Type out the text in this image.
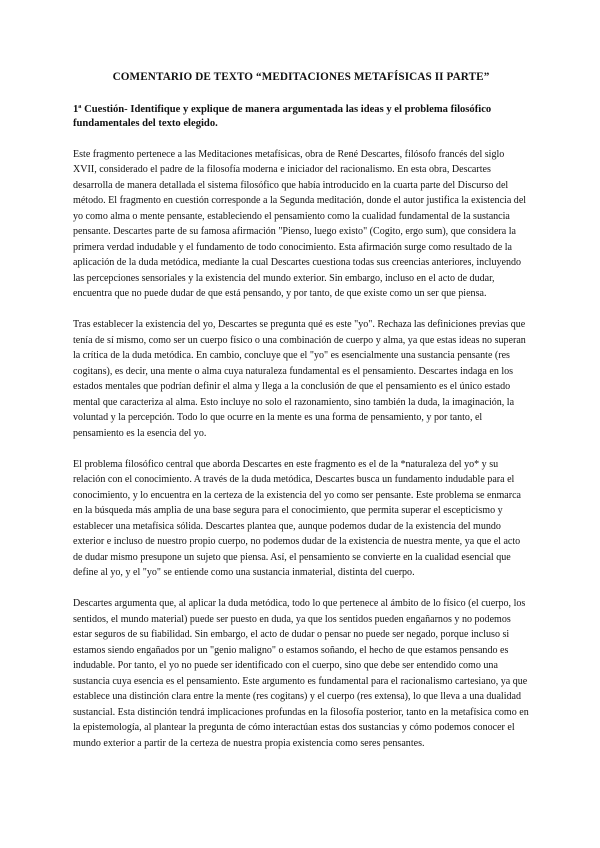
COMENTARIO DE TEXTO “MEDITACIONES METAFÍSICAS II PARTE”
1ª Cuestión- Identifique y explique de manera argumentada las ideas y el problema filosófico fundamentales del texto elegido.

Este fragmento pertenece a las Meditaciones metafísicas, obra de René Descartes, filósofo francés del siglo XVII, considerado el padre de la filosofía moderna e iniciador del racionalismo. En esta obra, Descartes desarrolla de manera detallada el sistema filosófico que había introducido en la cuarta parte del Discurso del método. El fragmento en cuestión corresponde a la Segunda meditación, donde el autor justifica la existencia del yo como alma o mente pensante, estableciendo el pensamiento como la cualidad fundamental de la sustancia pensante. Descartes parte de su famosa afirmación "Pienso, luego existo" (Cogito, ergo sum), que considera la primera verdad indudable y el fundamento de todo conocimiento. Esta afirmación surge como resultado de la aplicación de la duda metódica, mediante la cual Descartes cuestiona todas sus creencias anteriores, incluyendo las percepciones sensoriales y la existencia del mundo exterior. Sin embargo, incluso en el acto de dudar, encuentra que no puede dudar de que está pensando, y por tanto, de que existe como un ser que piensa.

Tras establecer la existencia del yo, Descartes se pregunta qué es este "yo". Rechaza las definiciones previas que tenía de sí mismo, como ser un cuerpo físico o una combinación de cuerpo y alma, ya que estas ideas no superan la crítica de la duda metódica. En cambio, concluye que el "yo" es esencialmente una sustancia pensante (res cogitans), es decir, una mente o alma cuya naturaleza fundamental es el pensamiento. Descartes indaga en los estados mentales que podrían definir el alma y llega a la conclusión de que el pensamiento es el único estado mental que caracteriza al alma. Esto incluye no solo el razonamiento, sino también la duda, la imaginación, la voluntad y la percepción. Todo lo que ocurre en la mente es una forma de pensamiento, y por tanto, el pensamiento es la esencia del yo.

El problema filosófico central que aborda Descartes en este fragmento es el de la *naturaleza del yo* y su relación con el conocimiento. A través de la duda metódica, Descartes busca un fundamento indudable para el conocimiento, y lo encuentra en la certeza de la existencia del yo como ser pensante. Este problema se enmarca en la búsqueda más amplia de una base segura para el conocimiento, que permita superar el escepticismo y establecer una metafísica sólida. Descartes plantea que, aunque podemos dudar de la existencia del mundo exterior e incluso de nuestro propio cuerpo, no podemos dudar de la existencia de nuestra mente, ya que el acto de dudar mismo presupone un sujeto que piensa. Así, el pensamiento se convierte en la cualidad esencial que define al yo, y el "yo" se entiende como una sustancia inmaterial, distinta del cuerpo.

Descartes argumenta que, al aplicar la duda metódica, todo lo que pertenece al ámbito de lo físico (el cuerpo, los sentidos, el mundo material) puede ser puesto en duda, ya que los sentidos pueden engañarnos y no podemos estar seguros de su fiabilidad. Sin embargo, el acto de dudar o pensar no puede ser negado, porque incluso si estamos siendo engañados por un "genio maligno" o estamos soñando, el hecho de que estamos pensando es indudable. Por tanto, el yo no puede ser identificado con el cuerpo, sino que debe ser entendido como una sustancia cuya esencia es el pensamiento. Este argumento es fundamental para el racionalismo cartesiano, ya que establece una distinción clara entre la mente (res cogitans) y el cuerpo (res extensa), lo que lleva a una dualidad sustancial. Esta distinción tendrá implicaciones profundas en la filosofía posterior, tanto en la metafísica como en la epistemología, al plantear la pregunta de cómo interactúan estas dos sustancias y cómo podemos conocer el mundo exterior a partir de la certeza de nuestra propia existencia como seres pensantes.
